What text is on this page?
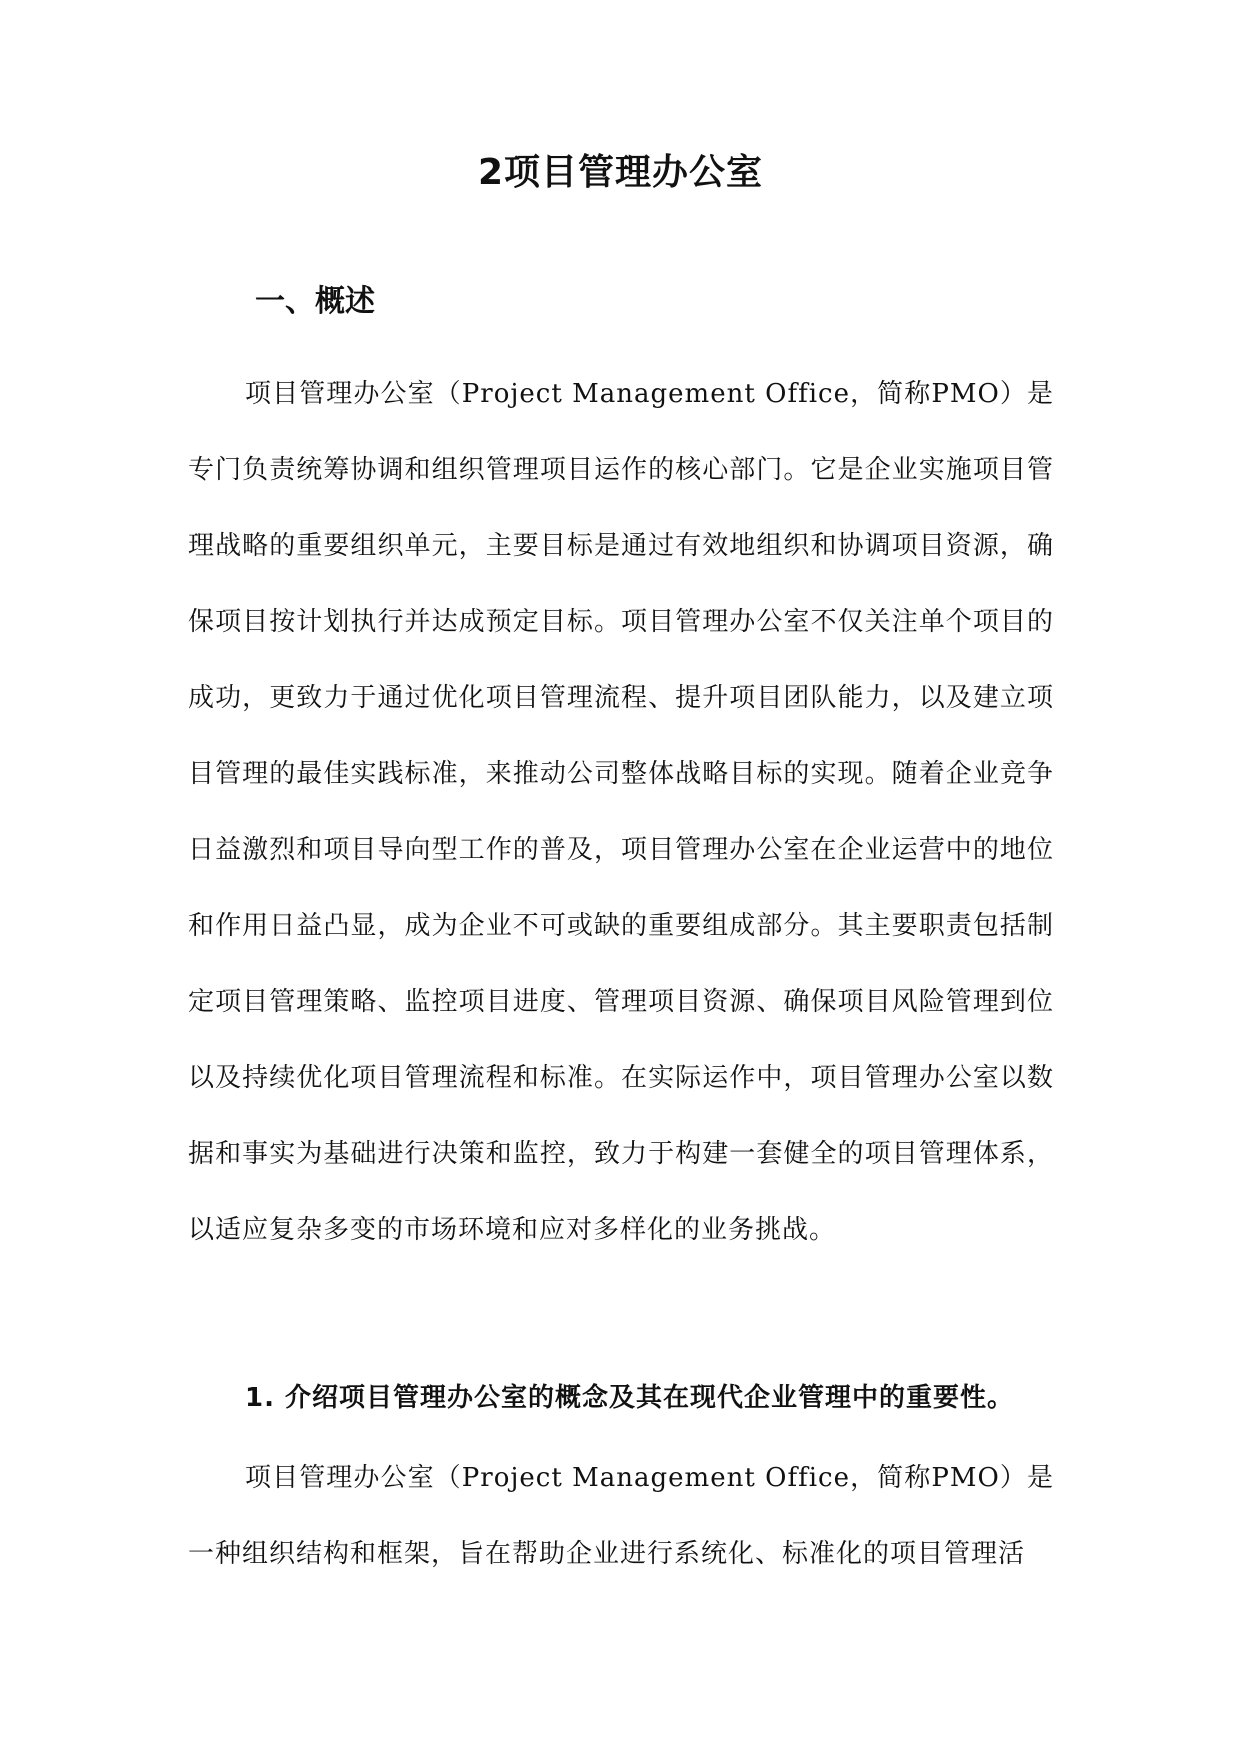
2项目管理办公室
一、概述

项目管理办公室（Project Management Office，简称PMO）是专门负责统筹协调和组织管理项目运作的核心部门。它是企业实施项目管理战略的重要组织单元，主要目标是通过有效地组织和协调项目资源，确保项目按计划执行并达成预定目标。项目管理办公室不仅关注单个项目的成功，更致力于通过优化项目管理流程、提升项目团队能力，以及建立项目管理的最佳实践标准，来推动公司整体战略目标的实现。随着企业竞争日益激烈和项目导向型工作的普及，项目管理办公室在企业运营中的地位和作用日益凸显，成为企业不可或缺的重要组成部分。其主要职责包括制定项目管理策略、监控项目进度、管理项目资源、确保项目风险管理到位以及持续优化项目管理流程和标准。在实际运作中，项目管理办公室以数据和事实为基础进行决策和监控，致力于构建一套健全的项目管理体系，以适应复杂多变的市场环境和应对多样化的业务挑战。

1. 介绍项目管理办公室的概念及其在现代企业管理中的重要性。

项目管理办公室（Project Management Office，简称PMO）是一种组织结构和框架，旨在帮助企业进行系统化、标准化的项目管理活
